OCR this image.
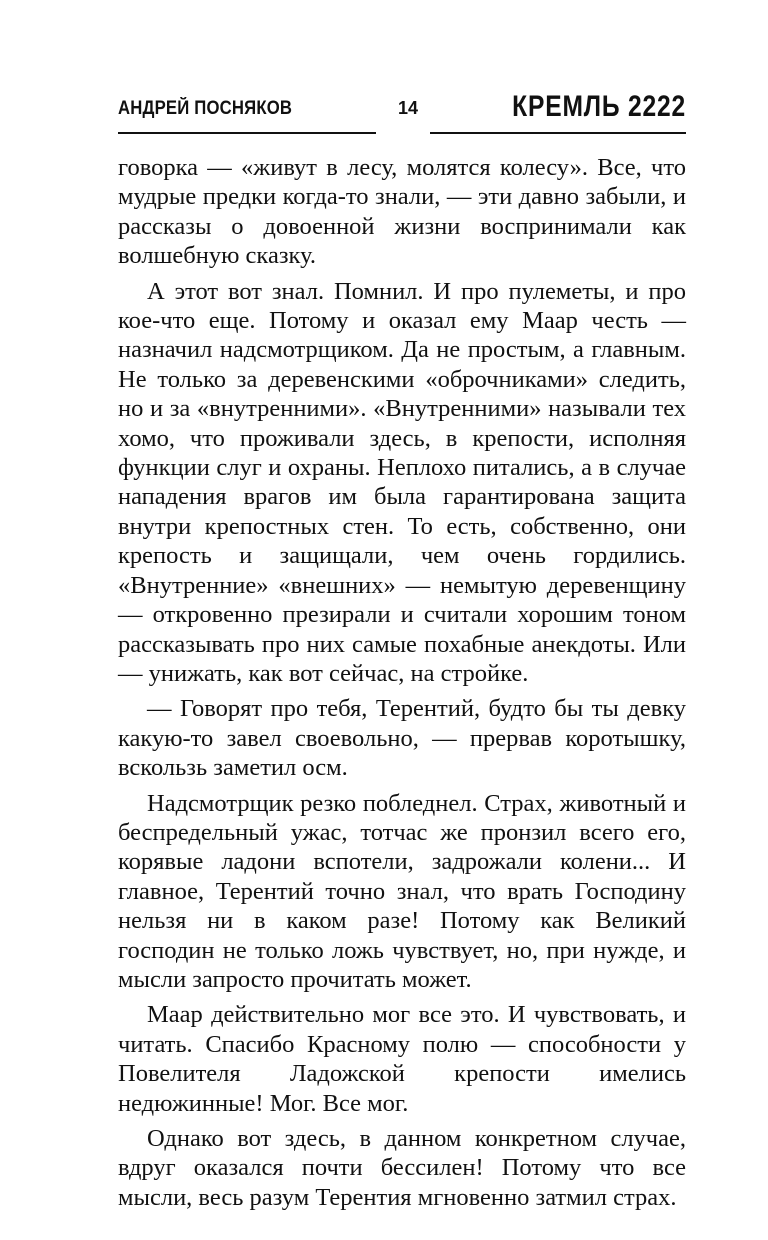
АНДРЕЙ ПОСНЯКОВ	14	КРЕМЛЬ 2222

говорка — «живут в лесу, молятся колесу». Все, что мудрые предки когда-то знали, — эти давно забыли, и рассказы о довоенной жизни воспринимали как волшебную сказку.

А этот вот знал. Помнил. И про пулеметы, и про кое-что еще. Потому и оказал ему Маар честь — назначил надсмотрщиком. Да не простым, а главным. Не только за деревенскими «оброчниками» следить, но и за «внутренними». «Внутренними» называли тех хомо, что проживали здесь, в крепости, исполняя функции слуг и охраны. Неплохо питались, а в случае нападения врагов им была гарантирована защита внутри крепостных стен. То есть, собственно, они крепость и защищали, чем очень гордились. «Внутренние» «внешних» — немытую деревенщину — откровенно презирали и считали хорошим тоном рассказывать про них самые похабные анекдоты. Или — унижать, как вот сейчас, на стройке.

— Говорят про тебя, Терентий, будто бы ты девку какую-то завел своевольно, — прервав коротышку, вскользь заметил осм.

Надсмотрщик резко побледнел. Страх, животный и беспредельный ужас, тотчас же пронзил всего его, корявые ладони вспотели, задрожали колени... И главное, Терентий точно знал, что врать Господину нельзя ни в каком разе! Потому как Великий господин не только ложь чувствует, но, при нужде, и мысли запросто прочитать может.

Маар действительно мог все это. И чувствовать, и читать. Спасибо Красному полю — способности у Повелителя Ладожской крепости имелись недюжинные! Мог. Все мог.

Однако вот здесь, в данном конкретном случае, вдруг оказался почти бессилен! Потому что все мысли, весь разум Терентия мгновенно затмил страх.
